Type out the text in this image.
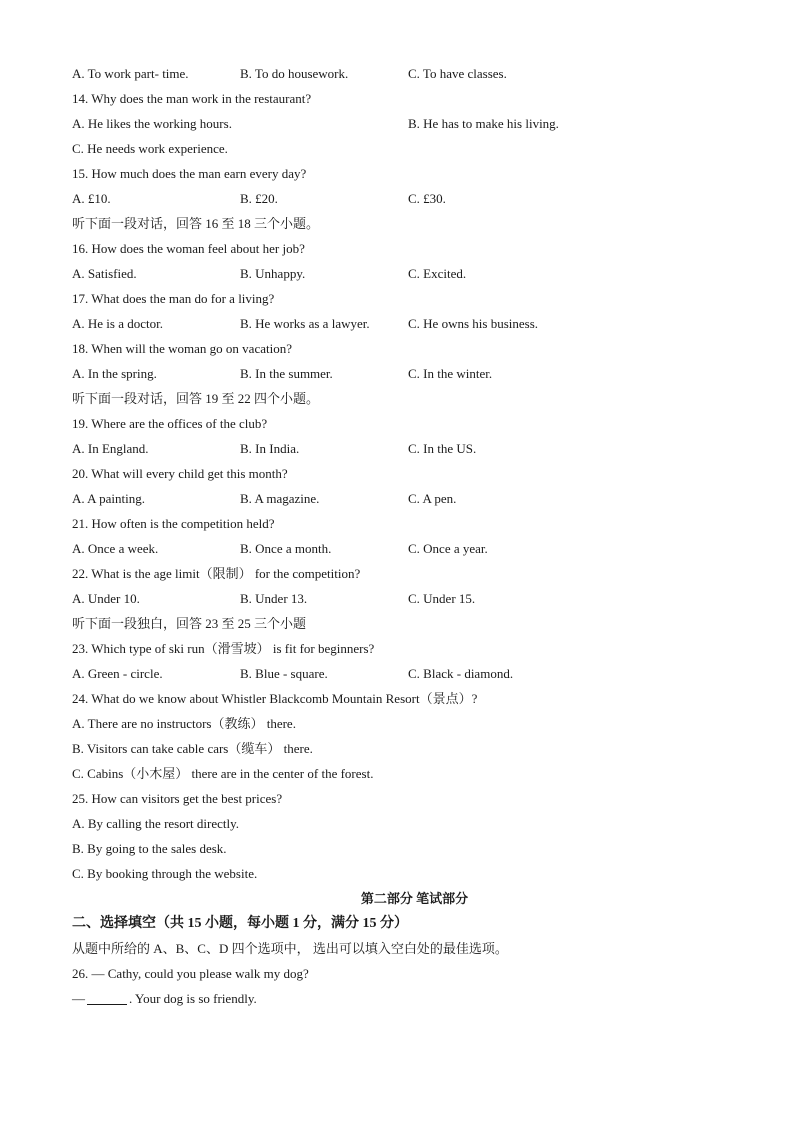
A. To work part- time.	B. To do housework.	C. To have classes.
14. Why does the man work in the restaurant?
A. He likes the working hours.	B. He has to make his living.
C. He needs work experience.
15. How much does the man earn every day?
A. £10.	B. £20.	C. £30.
听下面一段对话，回答 16 至 18 三个小题。
16. How does the woman feel about her job?
A. Satisfied.	B. Unhappy.	C. Excited.
17. What does the man do for a living?
A. He is a doctor.	B. He works as a lawyer.	C. He owns his business.
18. When will the woman go on vacation?
A. In the spring.	B. In the summer.	C. In the winter.
听下面一段对话，回答 19 至 22 四个小题。
19. Where are the offices of the club?
A. In England.	B. In India.	C. In the US.
20. What will every child get this month?
A. A painting.	B. A magazine.	C. A pen.
21. How often is the competition held?
A. Once a week.	B. Once a month.	C. Once a year.
22. What is the age limit（限制） for the competition?
A. Under 10.	B. Under 13.	C. Under 15.
听下面一段独白，回答 23 至 25 三个小题
23. Which type of ski run（滑雪坡） is fit for beginners?
A. Green - circle.	B. Blue - square.	C. Black - diamond.
24. What do we know about Whistler Blackcomb Mountain Resort（景点）?
A. There are no instructors（教练） there.
B. Visitors can take cable cars（缆车） there.
C. Cabins（小木屋） there are in the center of the forest.
25. How can visitors get the best prices?
A. By calling the resort directly.
B. By going to the sales desk.
C. By booking through the website.
第二部分 笔试部分
二、选择填空（共 15 小题，每小题 1 分，满分 15 分）
从题中所给的 A、B、C、D 四个选项中， 选出可以填入空白处的最佳选项。
26. — Cathy, could you please walk my dog?
—	. Your dog is so friendly.
